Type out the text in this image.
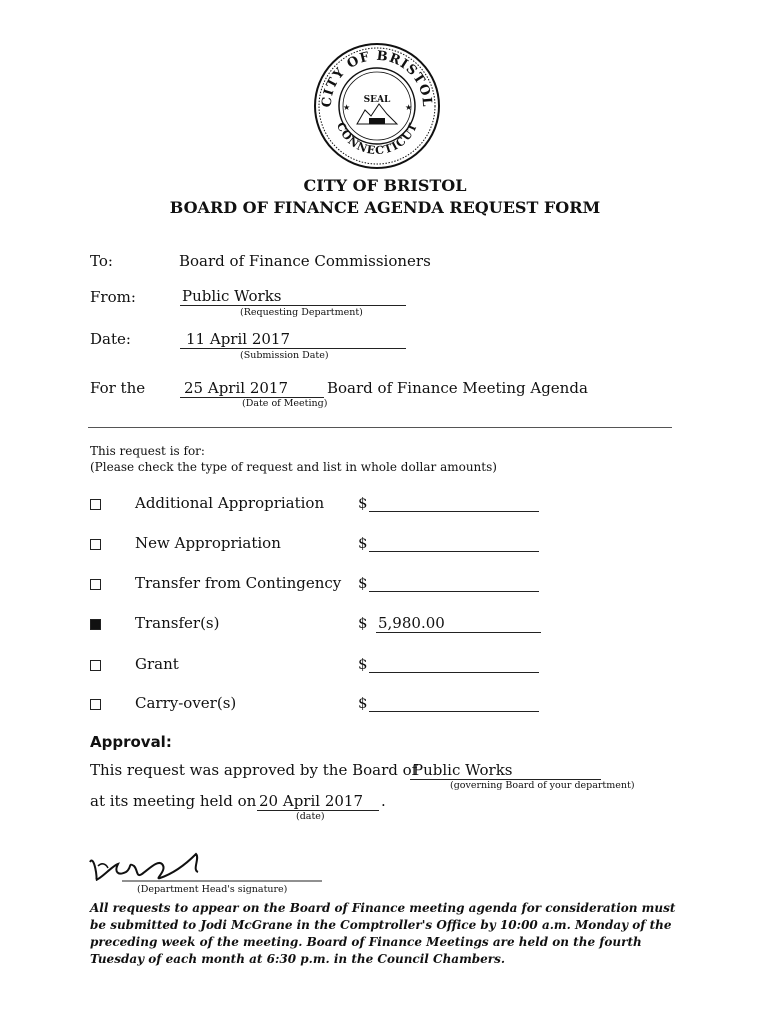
CITY OF BRISTOL
CONNECTICUT
SEAL
★	★
CITY OF BRISTOL
BOARD OF FINANCE AGENDA REQUEST FORM
To:	Board of Finance Commissioners
From:	Public Works
(Requesting Department)
Date:	11 April 2017
(Submission Date)
For the	25 April 2017	Board of Finance Meeting Agenda
(Date of Meeting)
This request is for:
(Please check the type of request and list in whole dollar amounts)
Additional Appropriation $
New Appropriation	$
Transfer from Contingency $
Transfer(s)	$ 5,980.00
Grant	$
Carry-over(s)	$
Approval:
This request was approved by the Board of
Public Works
(governing Board of your department)
at its meeting held on 20 April 2017	.
(date)
(Department Head's signature)
All requests to appear on the Board of Finance meeting agenda for consideration must be submitted to Jodi McGrane in the Comptroller's Office by 10:00 a.m. Monday of the preceding week of the meeting. Board of Finance Meetings are held on the fourth Tuesday of each month at 6:30 p.m. in the Council Chambers.
